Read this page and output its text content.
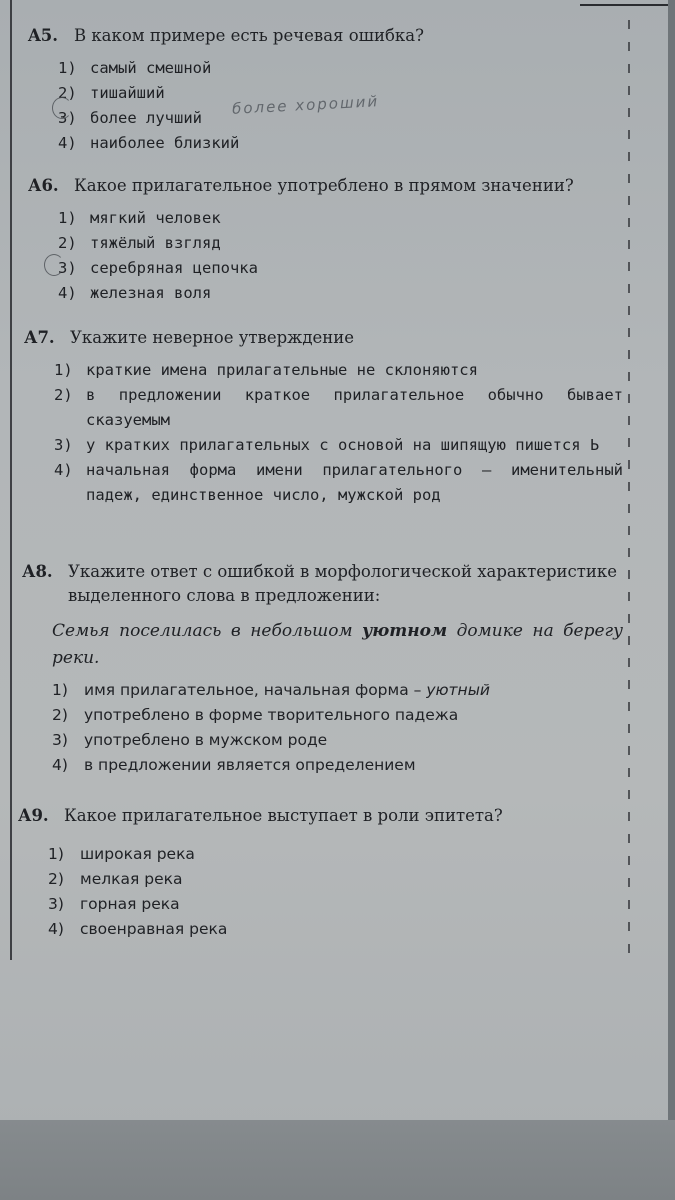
A5. В каком примере есть речевая ошибка?
1) самый смешной
2) тишайший
3) более лучший
4) наиболее близкий
более хороший
А6. Какое прилагательное употреблено в прямом значении?
1) мягкий человек
2) тяжёлый взгляд
3) серебряная цепочка
4) железная воля
А7. Укажите неверное утверждение
1) краткие имена прилагательные не склоняются
2) в предложении краткое прилагательное обычно бывает сказуемым
3) у кратких прилагательных с основой на шипящую пишется Ь
4) начальная форма имени прилагательного – именительный падеж, единственное число, мужской род
А8. Укажите ответ с ошибкой в морфологической характеристике выделенного слова в предложении:
Семья поселилась в небольшом уютном домике на берегу реки.
1)	имя прилагательное, начальная форма – уютный
2)	употреблено в форме творительного падежа
3)	употреблено в мужском роде
4)	в предложении является определением
А9. Какое прилагательное выступает в роли эпитета?
1)	широкая река
2)	мелкая река
3)	горная река
4)	своенравная река
